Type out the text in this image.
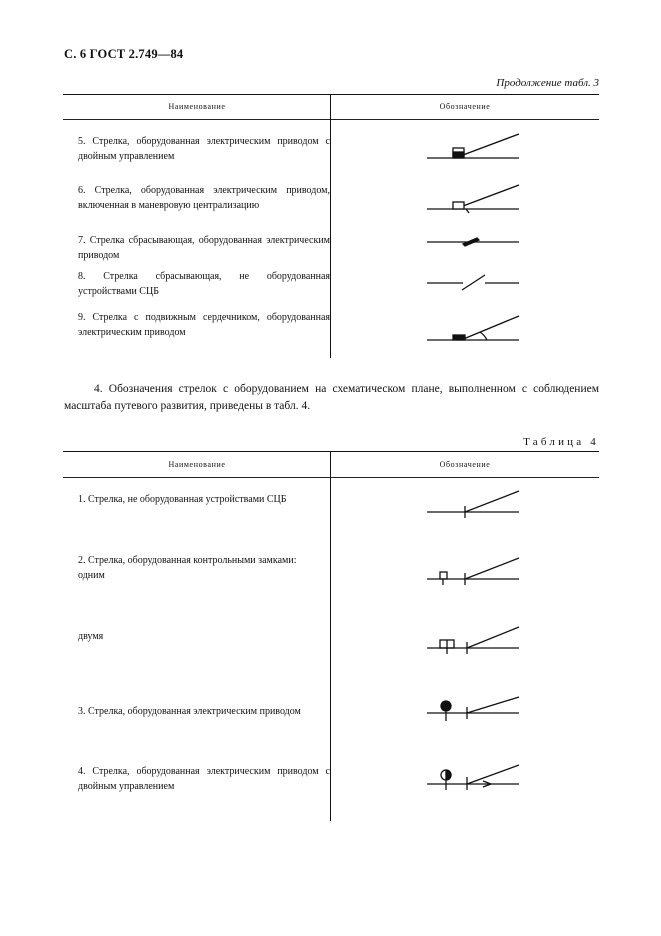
С. 6 ГОСТ 2.749—84
Продолжение табл. 3
Наименование	Обозначение
5. Стрелка, оборудованная электрическим приводом с двойным управлением
6. Стрелка, оборудованная электрическим приводом, включенная в маневровую централизацию
7. Стрелка сбрасывающая, оборудованная электрическим приводом
8. Стрелка сбрасывающая, не оборудованная устройствами СЦБ
9. Стрелка с подвижным сердечником, оборудованная электрическим приводом
4. Обозначения стрелок с оборудованием на схематическом плане, выполненном с соблюдением масштаба путевого развития, приведены в табл. 4.
Таблица 4
Наименование	Обозначение
1. Стрелка, не оборудованная устройствами СЦБ
2. Стрелка, оборудованная контрольными замками:
одним
двумя
3. Стрелка, оборудованная электрическим приводом
4. Стрелка, оборудованная электрическим приводом с двойным управлением
